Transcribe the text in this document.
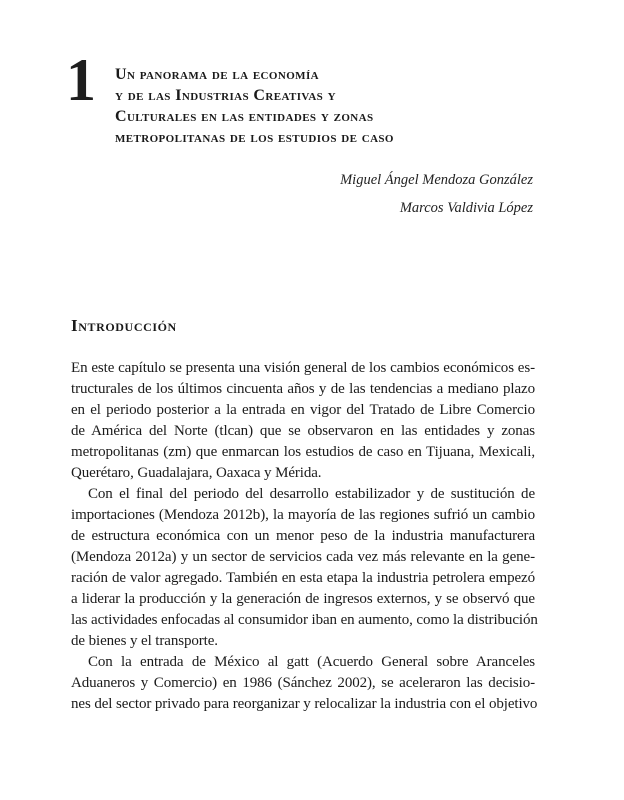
1 Un panorama de la economía
y de las Industrias Creativas y
Culturales en las entidades y zonas
metropolitanas de los estudios de caso
Miguel Ángel Mendoza González
Marcos Valdivia López
Introducción
En este capítulo se presenta una visión general de los cambios económicos es-
tructurales de los últimos cincuenta años y de las tendencias a mediano plazo
en el periodo posterior a la entrada en vigor del Tratado de Libre Comercio
de América del Norte (tlcan) que se observaron en las entidades y zonas
metropolitanas (zm) que enmarcan los estudios de caso en Tijuana, Mexicali,
Querétaro, Guadalajara, Oaxaca y Mérida.
Con el final del periodo del desarrollo estabilizador y de sustitución de
importaciones (Mendoza 2012b), la mayoría de las regiones sufrió un cambio
de estructura económica con un menor peso de la industria manufacturera
(Mendoza 2012a) y un sector de servicios cada vez más relevante en la gene-
ración de valor agregado. También en esta etapa la industria petrolera empezó
a liderar la producción y la generación de ingresos externos, y se observó que
las actividades enfocadas al consumidor iban en aumento, como la distribución
de bienes y el transporte.
Con la entrada de México al gatt (Acuerdo General sobre Aranceles
Aduaneros y Comercio) en 1986 (Sánchez 2002), se aceleraron las decisio-
nes del sector privado para reorganizar y relocalizar la industria con el objetivo
